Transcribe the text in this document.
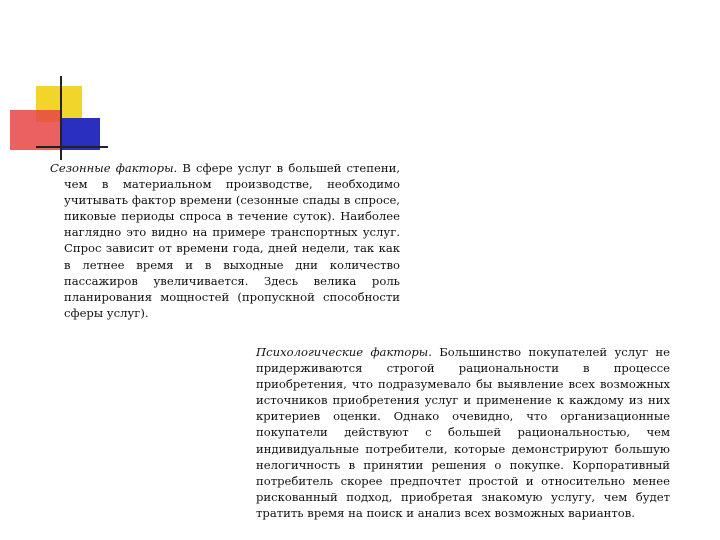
Сезонные факторы. В сфере услуг в большей степени, чем в материальном производстве, необходимо учитывать фактор времени (сезонные спады в спросе, пиковые периоды спроса в течение суток). Наиболее наглядно это видно на примере транспортных услуг. Спрос зависит от времени года, дней недели, так как в летнее время и в выходные дни количество пассажиров увеличивается. Здесь велика роль планирования мощностей (пропускной способности сферы услуг).

Психологические факторы. Большинство покупателей услуг не придерживаются строгой рациональности в процессе приобретения, что подразумевало бы выявление всех возможных источников приобретения услуг и применение к каждому из них критериев оценки. Однако очевидно, что организационные покупатели действуют с большей рациональностью, чем индивидуальные потребители, которые демонстрируют большую нелогичность в принятии решения о покупке. Корпоративный потребитель скорее предпочтет простой и относительно менее рискованный подход, приобретая знакомую услугу, чем будет тратить время на поиск и анализ всех возможных вариантов.
